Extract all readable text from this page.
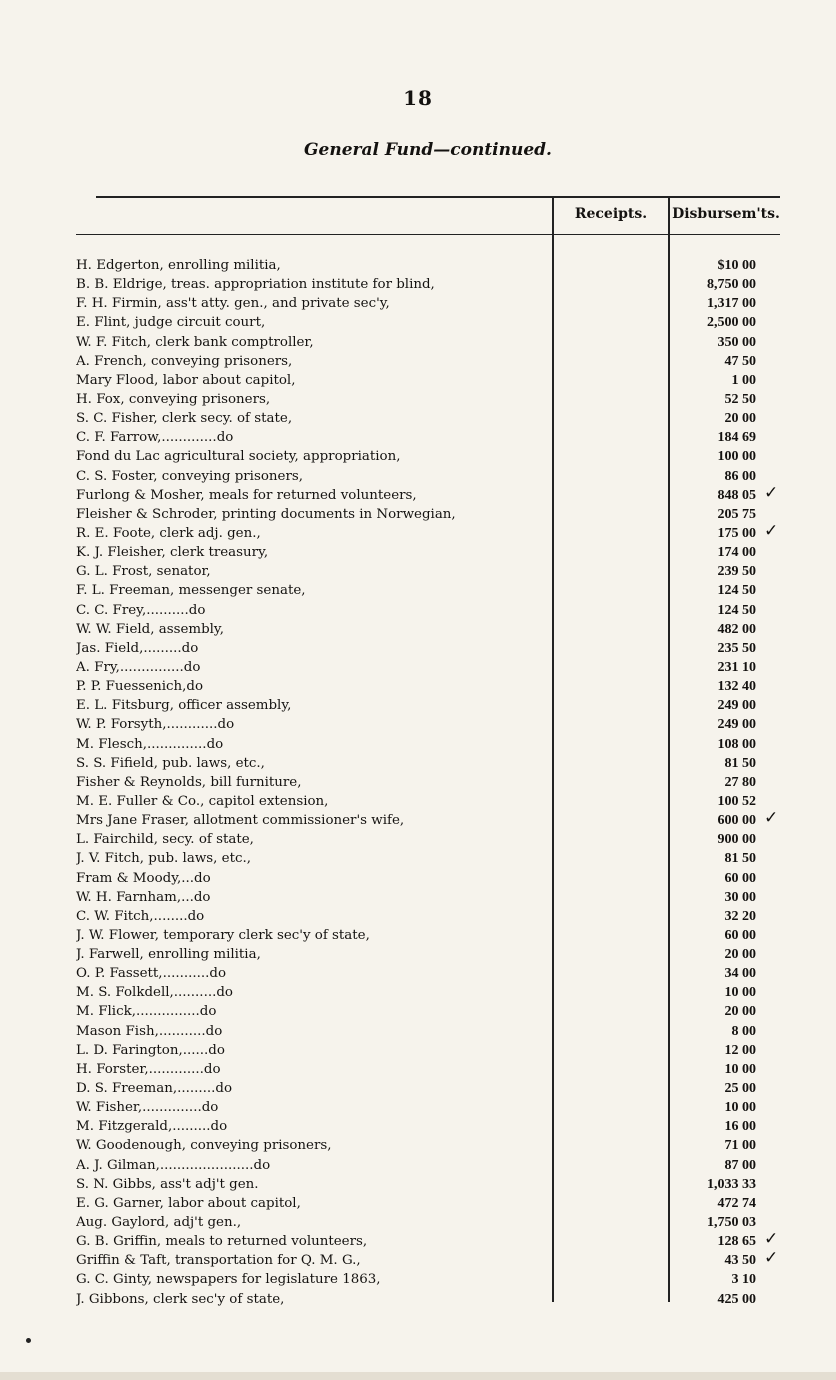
18
General Fund—continued.
Receipts.	Disbursem'ts.
H. Edgerton, enrolling militia,	$10 00
B. B. Eldrige, treas. appropriation institute for blind,	8,750 00
F. H. Firmin, ass't atty. gen., and private sec'y,	1,317 00
E. Flint, judge circuit court,	2,500 00
W. F. Fitch, clerk bank comptroller,	350 00
A. French, conveying prisoners,	47 50
Mary Flood, labor about capitol,	1 00
H. Fox, conveying prisoners,	52 50
S. C. Fisher, clerk secy. of state,	20 00
C. F. Farrow,.............do	184 69
Fond du Lac agricultural society, appropriation,	100 00
C. S. Foster, conveying prisoners,	86 00
Furlong & Mosher, meals for returned volunteers,	848 05 ✓
Fleisher & Schroder, printing documents in Norwegian,	205 75
R. E. Foote, clerk adj. gen.,	175 00 ✓
K. J. Fleisher, clerk treasury,	174 00
G. L. Frost, senator,	239 50
F. L. Freeman, messenger senate,	124 50
C. C. Frey,..........do	124 50
W. W. Field, assembly,	482 00
Jas. Field,.........do	235 50
A. Fry,...............do	231 10
P. P. Fuessenich,do	132 40
E. L. Fitsburg, officer assembly,	249 00
W. P. Forsyth,............do	249 00
M. Flesch,..............do	108 00
S. S. Fifield, pub. laws, etc.,	81 50
Fisher & Reynolds, bill furniture,	27 80
M. E. Fuller & Co., capitol extension,	100 52
Mrs Jane Fraser, allotment commissioner's wife,	600 00 ✓
L. Fairchild, secy. of state,	900 00
J. V. Fitch, pub. laws, etc.,	81 50
Fram & Moody,...do	60 00
W. H. Farnham,...do	30 00
C. W. Fitch,........do	32 20
J. W. Flower, temporary clerk sec'y of state,	60 00
J. Farwell, enrolling militia,	20 00
O. P. Fassett,...........do	34 00
M. S. Folkdell,..........do	10 00
M. Flick,...............do	20 00
Mason Fish,...........do	8 00
L. D. Farington,......do	12 00
H. Forster,.............do	10 00
D. S. Freeman,.........do	25 00
W. Fisher,..............do	10 00
M. Fitzgerald,.........do	16 00
W. Goodenough, conveying prisoners,	71 00
A. J. Gilman,......................do	87 00
S. N. Gibbs, ass't adj't gen.	1,033 33
E. G. Garner, labor about capitol,	472 74
Aug. Gaylord, adj't gen.,	1,750 03
G. B. Griffin, meals to returned volunteers,	128 65 ✓
Griffin & Taft, transportation for Q. M. G.,	43 50 ✓
G. C. Ginty, newspapers for legislature 1863,	3 10
J. Gibbons, clerk sec'y of state,	425 00
